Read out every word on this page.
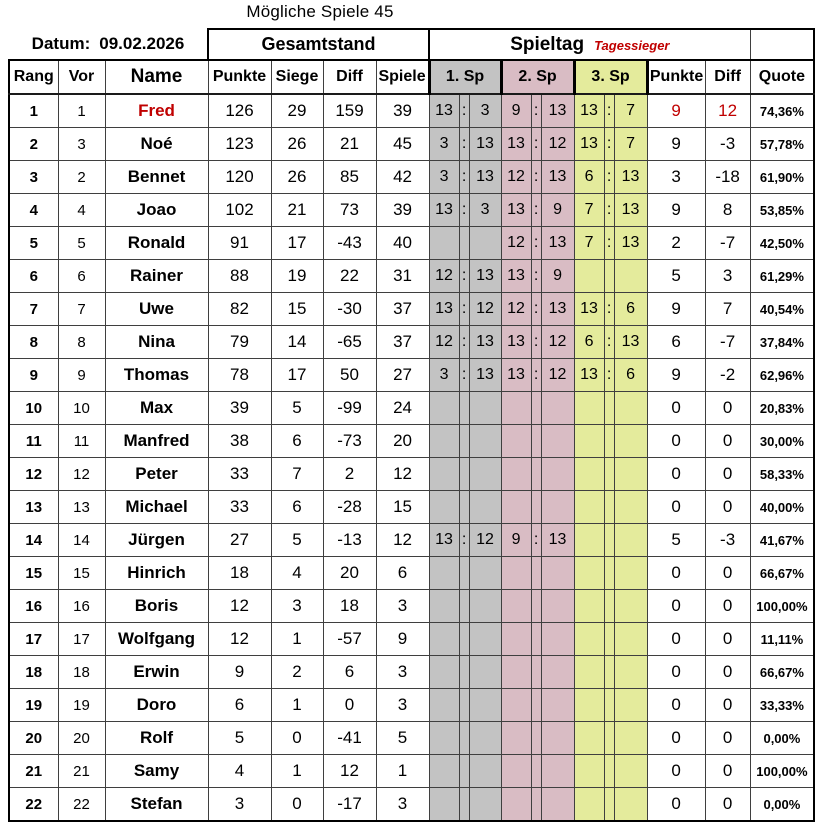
Mögliche Spiele 45
Datum: 09.02.2026			Gesamtstand				Spieltag Tagessieger											
Rang	Vor	Name	Punkte	Siege	Diff	Spiele	1. Sp			2. Sp			3. Sp			Punkte	Diff	Quote
1	1	Fred	126	29	159	39	13	:	3	9	:	13	13	:	7	9	12	74,36%
2	3	Noé	123	26	21	45	3	:	13	13	:	12	13	:	7	9	-3	57,78%
3	2	Bennet	120	26	85	42	3	:	13	12	:	13	6	:	13	3	-18	61,90%
4	4	Joao	102	21	73	39	13	:	3	13	:	9	7	:	13	9	8	53,85%
5	5	Ronald	91	17	-43	40				12	:	13	7	:	13	2	-7	42,50%
6	6	Rainer	88	19	22	31	12	:	13	13	:	9				5	3	61,29%
7	7	Uwe	82	15	-30	37	13	:	12	12	:	13	13	:	6	9	7	40,54%
8	8	Nina	79	14	-65	37	12	:	13	13	:	12	6	:	13	6	-7	37,84%
9	9	Thomas	78	17	50	27	3	:	13	13	:	12	13	:	6	9	-2	62,96%
10	10	Max	39	5	-99	24										0	0	20,83%
11	11	Manfred	38	6	-73	20										0	0	30,00%
12	12	Peter	33	7	2	12										0	0	58,33%
13	13	Michael	33	6	-28	15										0	0	40,00%
14	14	Jürgen	27	5	-13	12	13	:	12	9	:	13				5	-3	41,67%
15	15	Hinrich	18	4	20	6										0	0	66,67%
16	16	Boris	12	3	18	3										0	0	100,00%
17	17	Wolfgang	12	1	-57	9										0	0	11,11%
18	18	Erwin	9	2	6	3										0	0	66,67%
19	19	Doro	6	1	0	3										0	0	33,33%
20	20	Rolf	5	0	-41	5										0	0	0,00%
21	21	Samy	4	1	12	1										0	0	100,00%
22	22	Stefan	3	0	-17	3										0	0	0,00%
